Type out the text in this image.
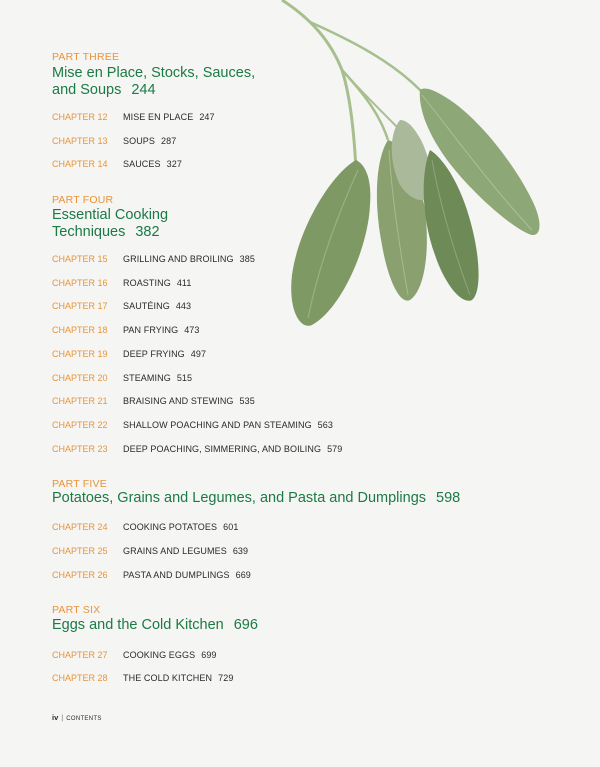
PART THREE
Mise en Place, Stocks, Sauces,
and Soups 244
CHAPTER 12	MISE EN PLACE 247
CHAPTER 13	SOUPS 287
CHAPTER 14	SAUCES 327
PART FOUR
Essential Cooking
Techniques 382
CHAPTER 15	GRILLING AND BROILING 385
CHAPTER 16	ROASTING 411
CHAPTER 17	SAUTÉING 443
CHAPTER 18	PAN FRYING 473
CHAPTER 19	DEEP FRYING 497
CHAPTER 20	STEAMING 515
CHAPTER 21	BRAISING AND STEWING 535
CHAPTER 22	SHALLOW POACHING AND PAN STEAMING 563
CHAPTER 23	DEEP POACHING, SIMMERING, AND BOILING 579
PART FIVE
Potatoes, Grains and Legumes, and Pasta and Dumplings 598
CHAPTER 24	COOKING POTATOES 601
CHAPTER 25	GRAINS AND LEGUMES 639
CHAPTER 26	PASTA AND DUMPLINGS 669
PART SIX
Eggs and the Cold Kitchen 696
CHAPTER 27	COOKING EGGS 699
CHAPTER 28	THE COLD KITCHEN 729
iv | CONTENTS
